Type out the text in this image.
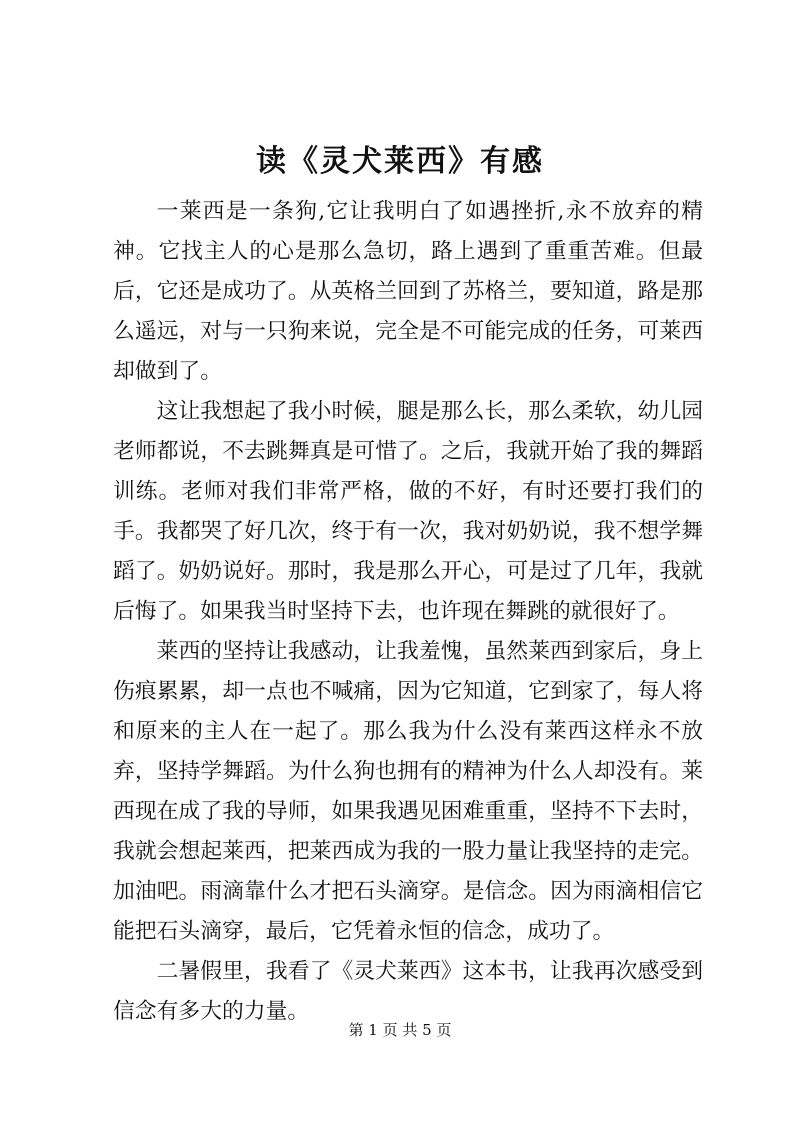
读《灵犬莱西》有感

一莱西是一条狗,它让我明白了如遇挫折,永不放弃的精神。它找主人的心是那么急切，路上遇到了重重苦难。但最后，它还是成功了。从英格兰回到了苏格兰，要知道，路是那么遥远，对与一只狗来说，完全是不可能完成的任务，可莱西却做到了。

这让我想起了我小时候，腿是那么长，那么柔软，幼儿园老师都说，不去跳舞真是可惜了。之后，我就开始了我的舞蹈训练。老师对我们非常严格，做的不好，有时还要打我们的手。我都哭了好几次，终于有一次，我对奶奶说，我不想学舞蹈了。奶奶说好。那时，我是那么开心，可是过了几年，我就后悔了。如果我当时坚持下去，也许现在舞跳的就很好了。

莱西的坚持让我感动，让我羞愧，虽然莱西到家后，身上伤痕累累，却一点也不喊痛，因为它知道，它到家了，每人将和原来的主人在一起了。那么我为什么没有莱西这样永不放弃，坚持学舞蹈。为什么狗也拥有的精神为什么人却没有。莱西现在成了我的导师，如果我遇见困难重重，坚持不下去时，我就会想起莱西，把莱西成为我的一股力量让我坚持的走完。加油吧。雨滴靠什么才把石头滴穿。是信念。因为雨滴相信它能把石头滴穿，最后，它凭着永恒的信念，成功了。

二暑假里，我看了《灵犬莱西》这本书，让我再次感受到信念有多大的力量。

第 1 页 共 5 页
